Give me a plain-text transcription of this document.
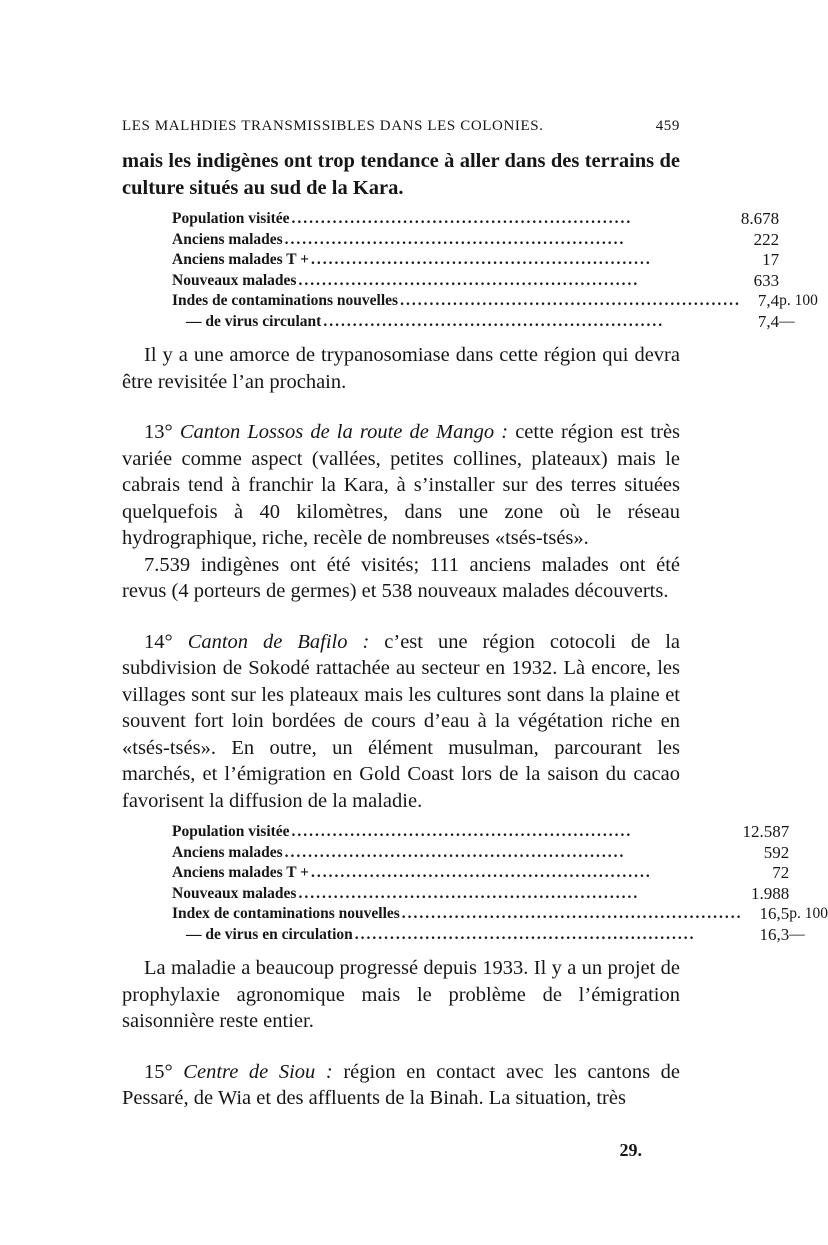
LES MALHDIES TRANSMISSIBLES DANS LES COLONIES.	459

mais les indigènes ont trop tendance à aller dans des terrains de culture situés au sud de la Kara.

Population visitée ..........................................................	8.678	
Anciens malades ..........................................................	222	
Anciens malades T + ..........................................................	17	
Nouveaux malades ..........................................................	633	
Indes de contaminations nouvelles ..........................................................	7,4	p. 100
— de virus circulant ..........................................................	7,4	—

Il y a une amorce de trypanosomiase dans cette région qui devra être revisitée l’an prochain.

13° Canton Lossos de la route de Mango : cette région est très variée comme aspect (vallées, petites collines, plateaux) mais le cabrais tend à franchir la Kara, à s’installer sur des terres situées quelquefois à 40 kilomètres, dans une zone où le réseau hydrographique, riche, recèle de nombreuses «tsés-tsés».

7.539 indigènes ont été visités; 111 anciens malades ont été revus (4 porteurs de germes) et 538 nouveaux malades découverts.

14° Canton de Bafilo : c’est une région cotocoli de la subdivision de Sokodé rattachée au secteur en 1932. Là encore, les villages sont sur les plateaux mais les cultures sont dans la plaine et souvent fort loin bordées de cours d’eau à la végétation riche en «tsés-tsés». En outre, un élément musulman, parcourant les marchés, et l’émigration en Gold Coast lors de la saison du cacao favorisent la diffusion de la maladie.

Population visitée ..........................................................	12.587	
Anciens malades ..........................................................	592	
Anciens malades T + ..........................................................	72	
Nouveaux malades ..........................................................	1.988	
Index de contaminations nouvelles ..........................................................	16,5	p. 100
— de virus en circulation ..........................................................	16,3	—

La maladie a beaucoup progressé depuis 1933. Il y a un projet de prophylaxie agronomique mais le problème de l’émigration saisonnière reste entier.

15° Centre de Siou : région en contact avec les cantons de Pessaré, de Wia et des affluents de la Binah. La situation, très

29.
